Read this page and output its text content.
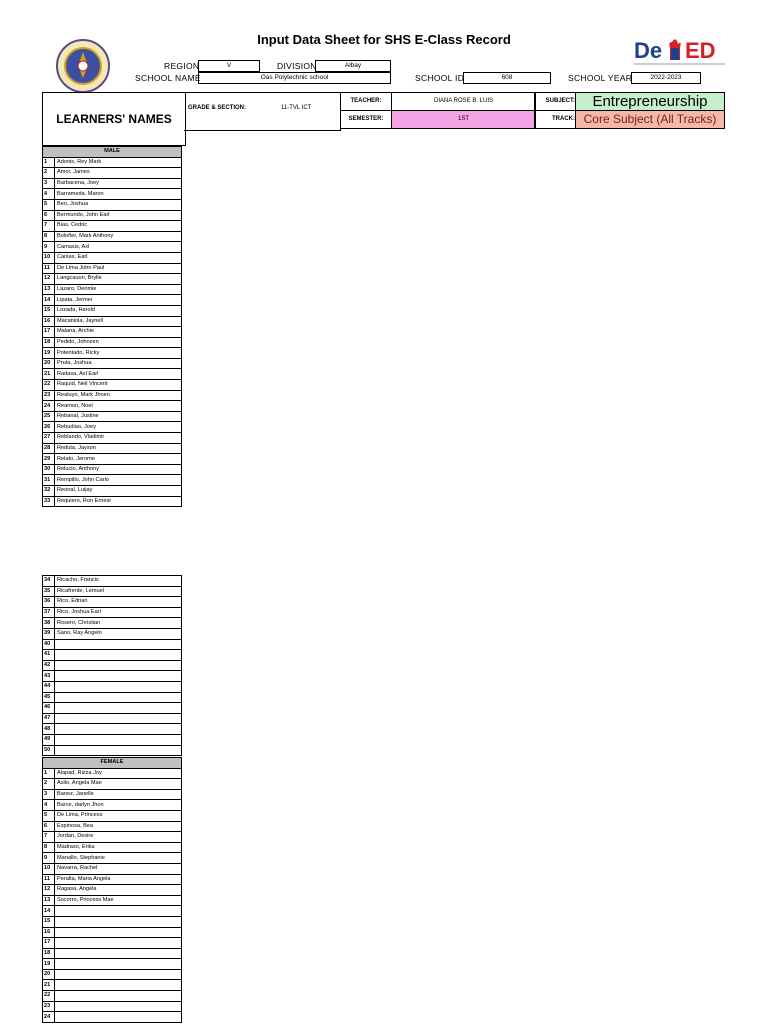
Input Data Sheet for SHS E-Class Record	De ED
REGION	V	DIVISION	Albay
SCHOOL NAME	Oas Polytechnic school	SCHOOL ID	608	SCHOOL YEAR	2022-2023
LEARNERS' NAMES
GRADE & SECTION:	11-TVL ICT
TEACHER:	DIANA ROSE B. LUIS
SEMESTER:	1ST
SUBJECT:	Entrepreneurship
TRACK: Core Subject (All Tracks)
MALE	
1	Adonis, Rey Mark
2	Amor, James
3	Barbacena, Joey
4	Barrameda, Maron
5	Beo, Joshua
6	Bermundo, John Earl
7	Bias, Cedric
8	Boloñer, Mark Anthony
9	Camasis, Axl
10	Canlas, Earl
11	De Lima John Paul
12	Langcauon, Brylle
13	Lazaro, Denmie
14	Lipata, Jermei
15	Lozada, Harold
16	Macaniola, Jaynell
17	Malana, Archie
18	Pedido, Johnzen
19	Potentado, Ricky
20	Pruta, Joshua
21	Radasa, Axl Earl
22	Raquid, Neil Vincent
23	Realuyo, Mark Jhoen
24	Reamon, Noel
25	Rebanal, Justine
26	Rebudiao, Joey
27	Reblando, Vladimir
28	Reduta, Jayson
29	Relato, Jerome
30	Relucio, Anthony
31	Rempillo, John Carlo
32	Reonal, Luijay
33	Requiero, Ron Ernest
34	Ricacho, Francis
35	Ricafrente, Lemuel
36	Rico, Edrian
37	Rico, Joshua Earl
38	Rosero, Christian
39	Sano, Ray Angelo
40	
41	
42	
43	
44	
45	
46	
47	
48	
49	
50	
FEMALE	
1	Alapad, Rizza Joy
2	Asilo, Angela Mae
3	Banez, Janelle
4	Barce, darlyn Jhon
5	De Lima, Princess
6	Espinosa, Bea
7	Jordan, Desire
8	Madraso, Erika
9	Manallo, Stephanie
10	Navarra, Rachel
11	Peralta, Maria Angela
12	Ragasa, Angela
13	Socorro, Princess Mae
14	
15	
16	
17	
18	
19	
20	
21	
22	
23	
24	
